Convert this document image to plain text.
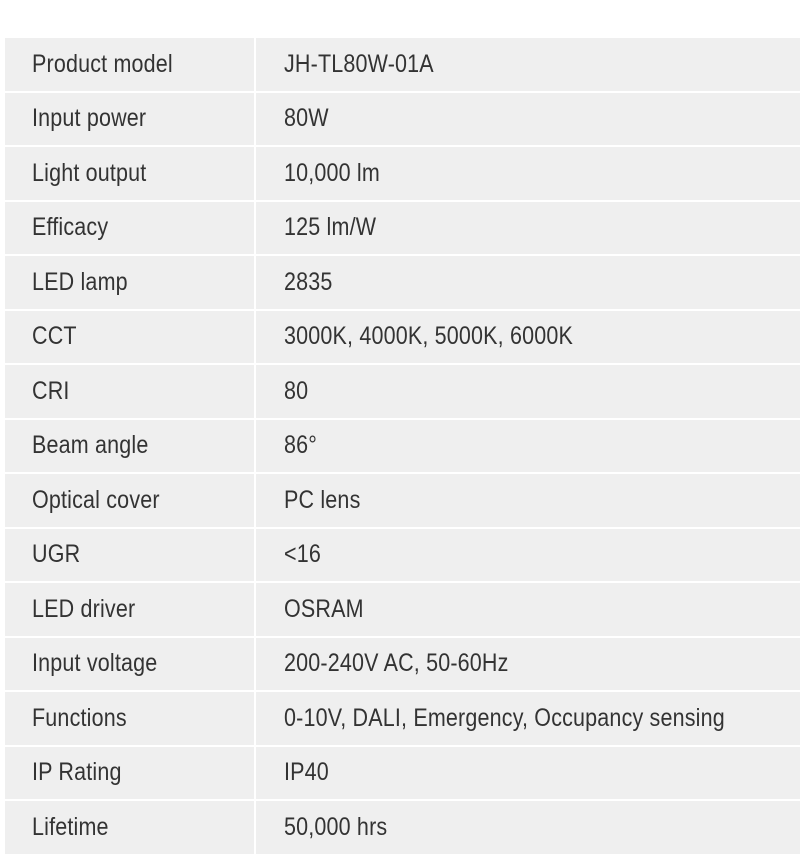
Product model	JH-TL80W-01A
Input power	80W
Light output	10,000 lm
Efficacy	125 lm/W
LED lamp	2835
CCT	3000K, 4000K, 5000K, 6000K
CRI	80
Beam angle	86°
Optical cover	PC lens
UGR	<16
LED driver	OSRAM
Input voltage	200-240V AC, 50-60Hz
Functions	0-10V, DALI, Emergency, Occupancy sensing
IP Rating	IP40
Lifetime	50,000 hrs
